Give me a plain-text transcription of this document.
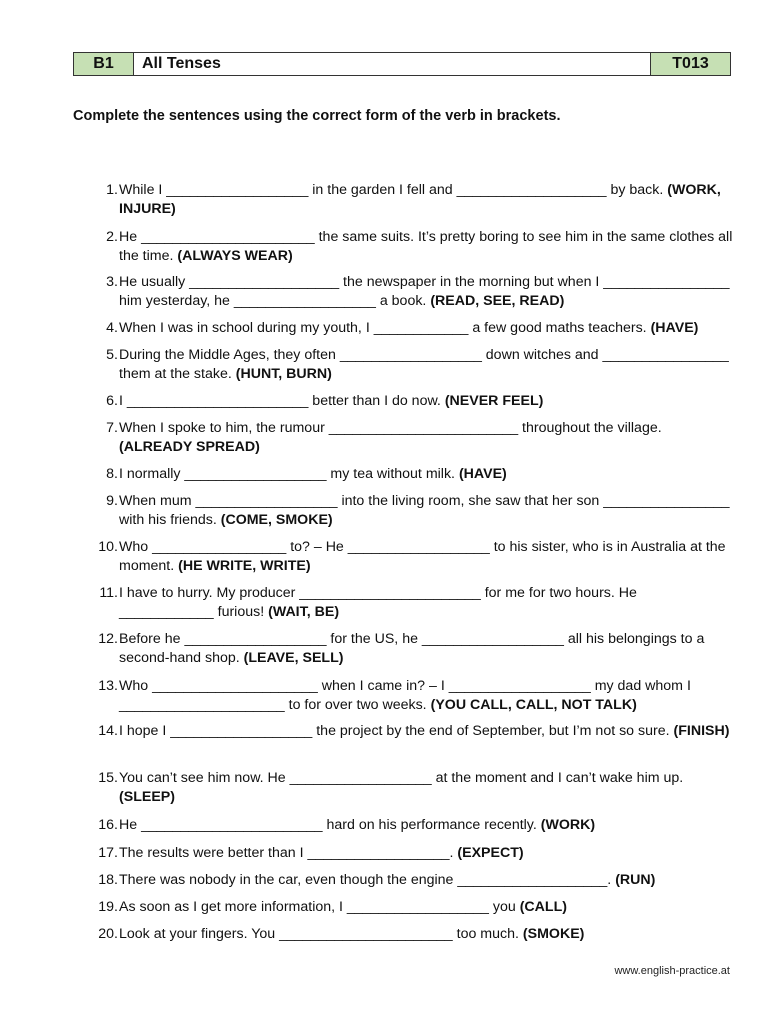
B1	All Tenses	T013

Complete the sentences using the correct form of the verb in brackets.

1. While I __________________ in the garden I fell and ___________________ by back. (WORK, INJURE)
2. He ______________________ the same suits. It’s pretty boring to see him in the same clothes all the time. (ALWAYS WEAR)
3. He usually ___________________ the newspaper in the morning but when I ________________ him yesterday, he __________________ a book. (READ, SEE, READ)
4. When I was in school during my youth, I ____________ a few good maths teachers. (HAVE)
5. During the Middle Ages, they often __________________ down witches and ________________ them at the stake. (HUNT, BURN)
6. I _______________________ better than I do now. (NEVER FEEL)
7. When I spoke to him, the rumour ________________________ throughout the village. (ALREADY SPREAD)
8. I normally __________________ my tea without milk. (HAVE)
9. When mum __________________ into the living room, she saw that her son ________________ with his friends. (COME, SMOKE)
10. Who _________________ to? – He __________________ to his sister, who is in Australia at the moment. (HE WRITE, WRITE)
11. I have to hurry. My producer _______________________ for me for two hours. He ____________ furious! (WAIT, BE)
12. Before he __________________ for the US, he __________________ all his belongings to a second-hand shop. (LEAVE, SELL)
13. Who _____________________ when I came in? – I __________________ my dad whom I _____________________ to for over two weeks. (YOU CALL, CALL, NOT TALK)
14. I hope I __________________ the project by the end of September, but I’m not so sure. (FINISH)
15. You can’t see him now. He __________________ at the moment and I can’t wake him up. (SLEEP)
16. He _______________________ hard on his performance recently. (WORK)
17. The results were better than I __________________. (EXPECT)
18. There was nobody in the car, even though the engine ___________________. (RUN)
19. As soon as I get more information, I __________________ you (CALL)
20. Look at your fingers. You ______________________ too much. (SMOKE)
www.english-practice.at
